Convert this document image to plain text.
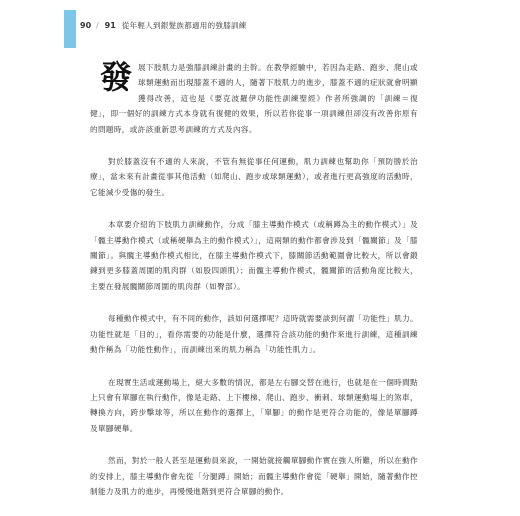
90 / 91 從年輕人到銀髮族都適用的強膝訓練

發展下肢肌力是強膝訓練計畫的主幹。在教學經驗中，若因為走路、跑步、爬山或球類運動而出現膝蓋不適的人，隨著下肢肌力的進步，膝蓋不適的症狀就會明顯獲得改善，這也是《要克波羅伊功能性訓練聖經》作者所強調的「訓練＝復健」，即一個好的訓練方式本身就有復健的效果，所以若你從事一項訓練但卻沒有改善你原有的問題時，或許該重新思考訓練的方式及內容。

對於膝蓋沒有不適的人來說，不管有無從事任何運動，肌力訓練也幫助你「預防勝於治療」，當未來有計畫從事其他活動（如爬山、跑步或球類運動），或者進行更高強度的活動時，它能減少受傷的發生。

本章要介紹的下肢肌力訓練動作，分成「膝主導動作模式（或稱蹲為主的動作模式）」及「髖主導動作模式（或稱硬舉為主的動作模式）」，這兩類的動作都會涉及到「髖關節」及「膝關節」。與髖主導動作模式相比，在膝主導動作模式下，膝關節活動範圍會比較大，所以會鍛鍊到更多膝蓋周圍的肌肉群（如股四頭肌）；而髖主導動作模式，髖關節的活動角度比較大，主要在發展髖關節周圍的肌肉群（如臀部）。

每種動作模式中，有不同的動作，該如何選擇呢？這時就需要談到何謂「功能性」肌力。功能性就是「目的」，看你需要的功能是什麼，選擇符合該功能的動作來進行訓練，這種訓練動作稱為「功能性動作」，而訓練出來的肌力稱為「功能性肌力」。

在現實生活或運動場上，絕大多數的情況，都是左右腳交替在進行，也就是在一個時間點上只會有單腳在執行動作，像是走路、上下樓梯、爬山、跑步、衝刺、球類運動場上的煞車，轉換方向，跨步擊球等，所以在動作的選擇上，「單腳」的動作是更符合功能的，像是單腳蹲及單腳硬舉。

然而，對於一般人甚至是運動員來說，一開始就接觸單腳動作實在強人所難，所以在動作的安排上，膝主導動作會先從「分腿蹲」開始；而髖主導動作會從「硬舉」開始，隨著動作控制能力及肌力的進步，再慢慢進階到更符合單腳的動作。
